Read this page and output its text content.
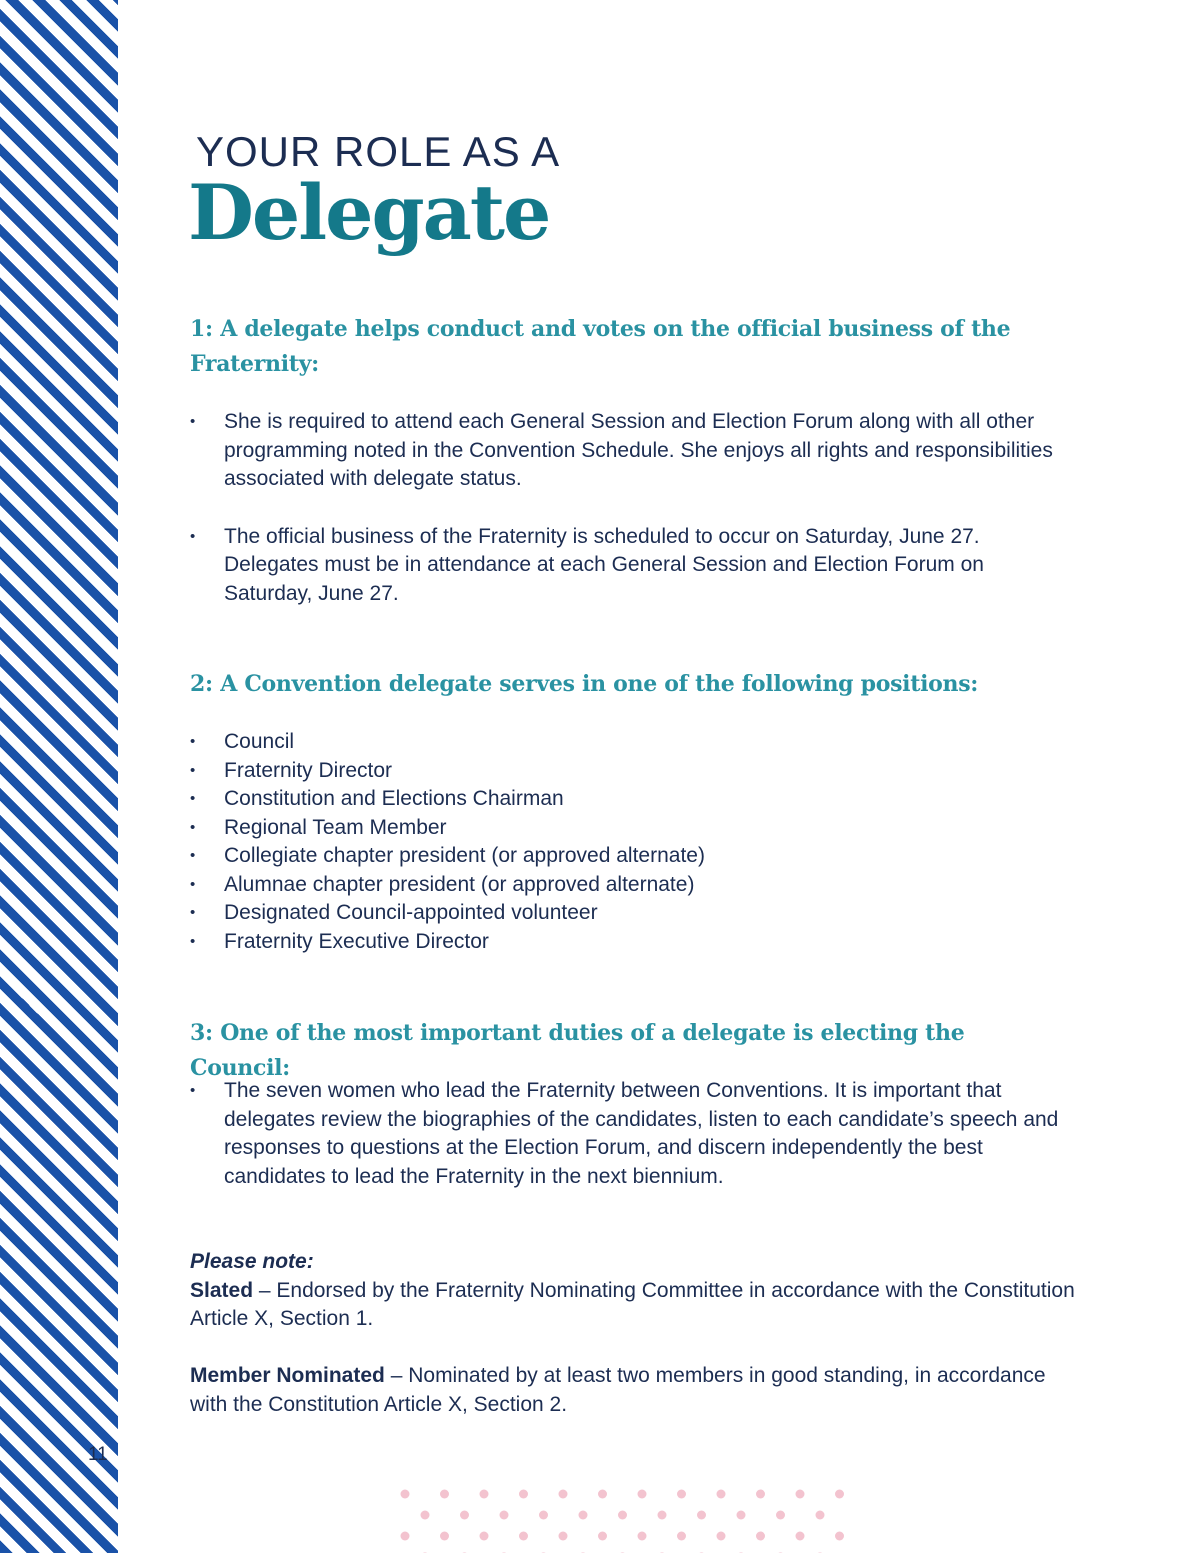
11
YOUR ROLE AS A
Delegate
1: A delegate helps conduct and votes on the official business of the Fraternity:
• She is required to attend each General Session and Election Forum along with all other programming noted in the Convention Schedule. She enjoys all rights and responsibilities associated with delegate status.
• The official business of the Fraternity is scheduled to occur on Saturday, June 27. Delegates must be in attendance at each General Session and Election Forum on Saturday, June 27.
2: A Convention delegate serves in one of the following positions:
• Council
• Fraternity Director
• Constitution and Elections Chairman
• Regional Team Member
• Collegiate chapter president (or approved alternate)
• Alumnae chapter president (or approved alternate)
• Designated Council-appointed volunteer
• Fraternity Executive Director
3: One of the most important duties of a delegate is electing the Council:
• The seven women who lead the Fraternity between Conventions. It is important that delegates review the biographies of the candidates, listen to each candidate’s speech and responses to questions at the Election Forum, and discern independently the best candidates to lead the Fraternity in the next biennium.
Please note:
Slated – Endorsed by the Fraternity Nominating Committee in accordance with the Constitution Article X, Section 1.
Member Nominated – Nominated by at least two members in good standing, in accordance with the Constitution Article X, Section 2.
